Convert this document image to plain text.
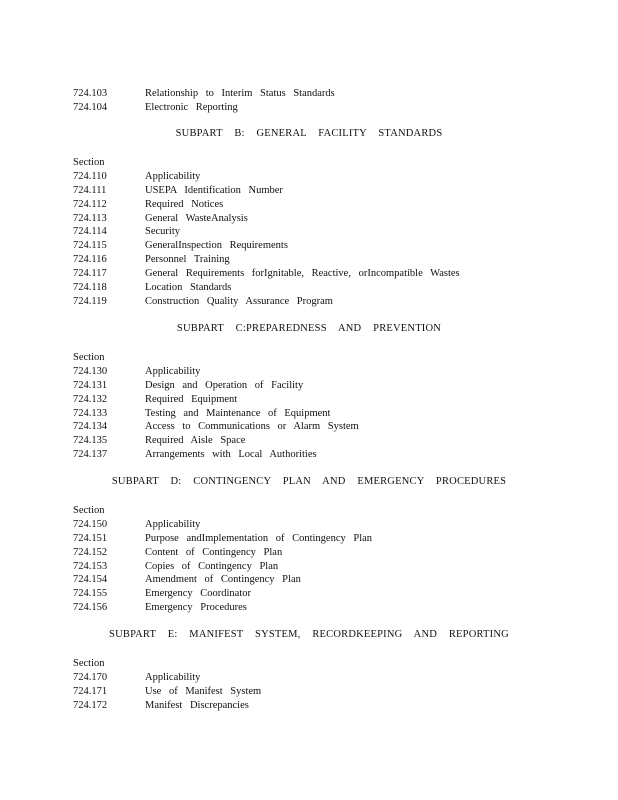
724.103	Relationship to Interim Status Standards
724.104	Electronic Reporting
SUBPART B: GENERAL FACILITY STANDARDS
Section
724.110	Applicability
724.111	USEPA Identification Number
724.112	Required Notices
724.113	General WasteAnalysis
724.114	Security
724.115	GeneralInspection Requirements
724.116	Personnel Training
724.117	General Requirements forIgnitable, Reactive, orIncompatible Wastes
724.118	Location Standards
724.119	Construction Quality Assurance Program
SUBPART C:PREPAREDNESS AND PREVENTION
Section
724.130	Applicability
724.131	Design and Operation of Facility
724.132	Required Equipment
724.133	Testing and Maintenance of Equipment
724.134	Access to Communications or Alarm System
724.135	Required Aisle Space
724.137	Arrangements with Local Authorities
SUBPART D: CONTINGENCY PLAN AND EMERGENCY PROCEDURES
Section
724.150	Applicability
724.151	Purpose andImplementation of Contingency Plan
724.152	Content of Contingency Plan
724.153	Copies of Contingency Plan
724.154	Amendment of Contingency Plan
724.155	Emergency Coordinator
724.156	Emergency Procedures
SUBPART E: MANIFEST SYSTEM, RECORDKEEPING AND REPORTING
Section
724.170	Applicability
724.171	Use of Manifest System
724.172	Manifest Discrepancies
